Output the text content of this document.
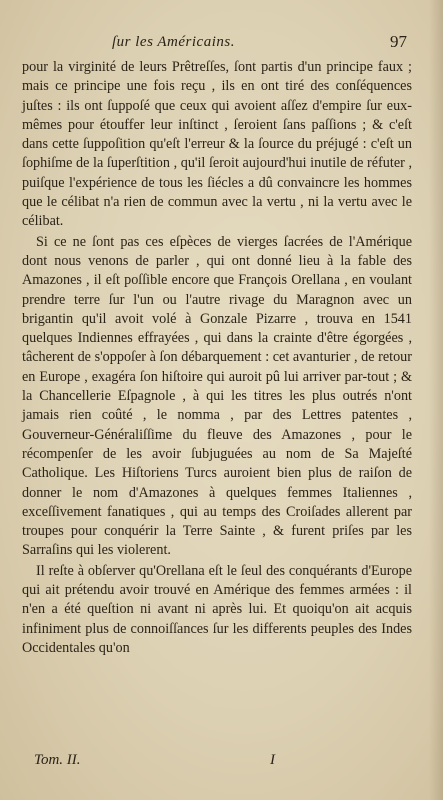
ſur les Américains.	97

pour la virginité de leurs Prêtreſſes, ſont partis d'un principe faux ; mais ce principe une fois reçu , ils en ont tiré des conſéquences juſtes : ils ont ſuppoſé que ceux qui avoient aſſez d'empire ſur eux-mêmes pour étouffer leur inſtinct , ſeroient ſans paſſions ; & c'eſt dans cette ſuppoſition qu'eſt l'erreur & la ſource du préjugé : c'eſt un ſophiſme de la ſuperſtition , qu'il ſeroit aujourd'hui inutile de réfuter , puiſque l'expérience de tous les ſiécles a dû convaincre les hommes que le célibat n'a rien de commun avec la vertu , ni la vertu avec le célibat.

Si ce ne ſont pas ces eſpèces de vierges ſacrées de l'Amérique dont nous venons de parler , qui ont donné lieu à la fable des Amazones , il eſt poſſible encore que François Orellana , en voulant prendre terre ſur l'un ou l'autre rivage du Maragnon avec un brigantin qu'il avoit volé à Gonzale Pizarre , trouva en 1541 quelques Indiennes effrayées , qui dans la crainte d'être égorgées , tâcherent de s'oppoſer à ſon débarquement : cet avanturier , de retour en Europe , exagéra ſon hiſtoire qui auroit pû lui arriver par-tout ; & la Chancellerie Eſpagnole , à qui les titres les plus outrés n'ont jamais rien coûté , le nomma , par des Lettres patentes , Gouverneur-Généraliſſime du fleuve des Amazones , pour le récompenſer de les avoir ſubjuguées au nom de Sa Majeſté Catholique. Les Hiſtoriens Turcs auroient bien plus de raiſon de donner le nom d'Amazones à quelques femmes Italiennes , exceſſivement fanatiques , qui au temps des Croiſades allerent par troupes pour conquérir la Terre Sainte , & furent priſes par les Sarraſins qui les violerent.

Il reſte à obſerver qu'Orellana eſt le ſeul des conquérants d'Europe qui ait prétendu avoir trouvé en Amérique des femmes armées : il n'en a été queſtion ni avant ni après lui. Et quoiqu'on ait acquis infiniment plus de connoiſſances ſur les differents peuples des Indes Occidentales qu'on

Tom. II.	I
